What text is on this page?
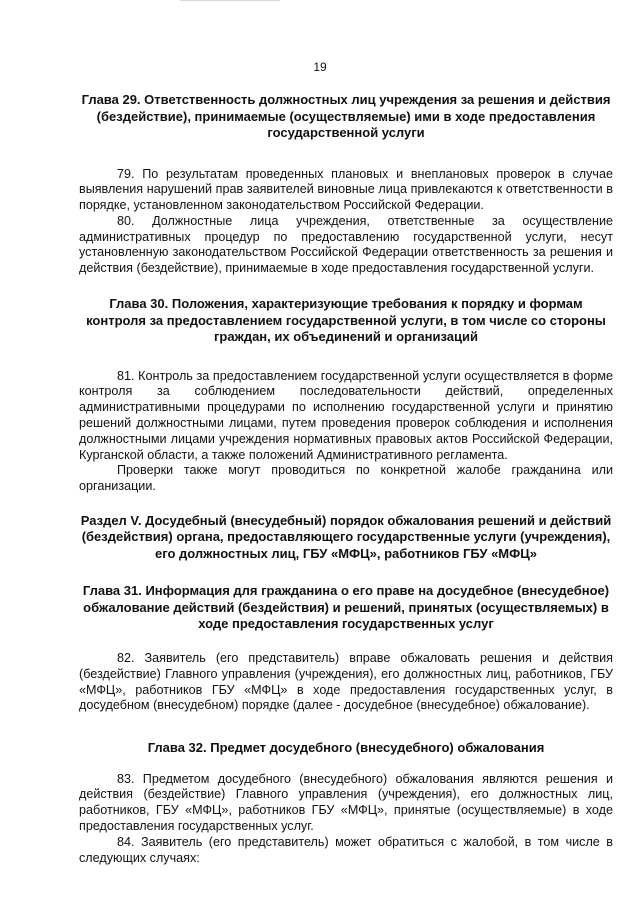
19

Глава 29. Ответственность должностных лиц учреждения за решения и действия (бездействие), принимаемые (осуществляемые) ими в ходе предоставления государственной услуги

79. По результатам проведенных плановых и внеплановых проверок в случае выявления нарушений прав заявителей виновные лица привлекаются к ответственности в порядке, установленном законодательством Российской Федерации.

80. Должностные лица учреждения, ответственные за осуществление административных процедур по предоставлению государственной услуги, несут установленную законодательством Российской Федерации ответственность за решения и действия (бездействие), принимаемые в ходе предоставления государственной услуги.

Глава 30. Положения, характеризующие требования к порядку и формам контроля за предоставлением государственной услуги, в том числе со стороны граждан, их объединений и организаций

81. Контроль за предоставлением государственной услуги осуществляется в форме контроля за соблюдением последовательности действий, определенных административными процедурами по исполнению государственной услуги и принятию решений должностными лицами, путем проведения проверок соблюдения и исполнения должностными лицами учреждения нормативных правовых актов Российской Федерации, Курганской области, а также положений Административного регламента.

Проверки также могут проводиться по конкретной жалобе гражданина или организации.

Раздел V. Досудебный (внесудебный) порядок обжалования решений и действий (бездействия) органа, предоставляющего государственные услуги (учреждения), его должностных лиц, ГБУ «МФЦ», работников ГБУ «МФЦ»

Глава 31. Информация для гражданина о его праве на досудебное (внесудебное) обжалование действий (бездействия) и решений, принятых (осуществляемых) в ходе предоставления государственных услуг

82. Заявитель (его представитель) вправе обжаловать решения и действия (бездействие) Главного управления (учреждения), его должностных лиц, работников, ГБУ «МФЦ», работников ГБУ «МФЦ» в ходе предоставления государственных услуг, в досудебном (внесудебном) порядке (далее - досудебное (внесудебное) обжалование).

Глава 32. Предмет досудебного (внесудебного) обжалования

83. Предметом досудебного (внесудебного) обжалования являются решения и действия (бездействие) Главного управления (учреждения), его должностных лиц, работников, ГБУ «МФЦ», работников ГБУ «МФЦ», принятые (осуществляемые) в ходе предоставления государственных услуг.

84. Заявитель (его представитель) может обратиться с жалобой, в том числе в следующих случаях:
